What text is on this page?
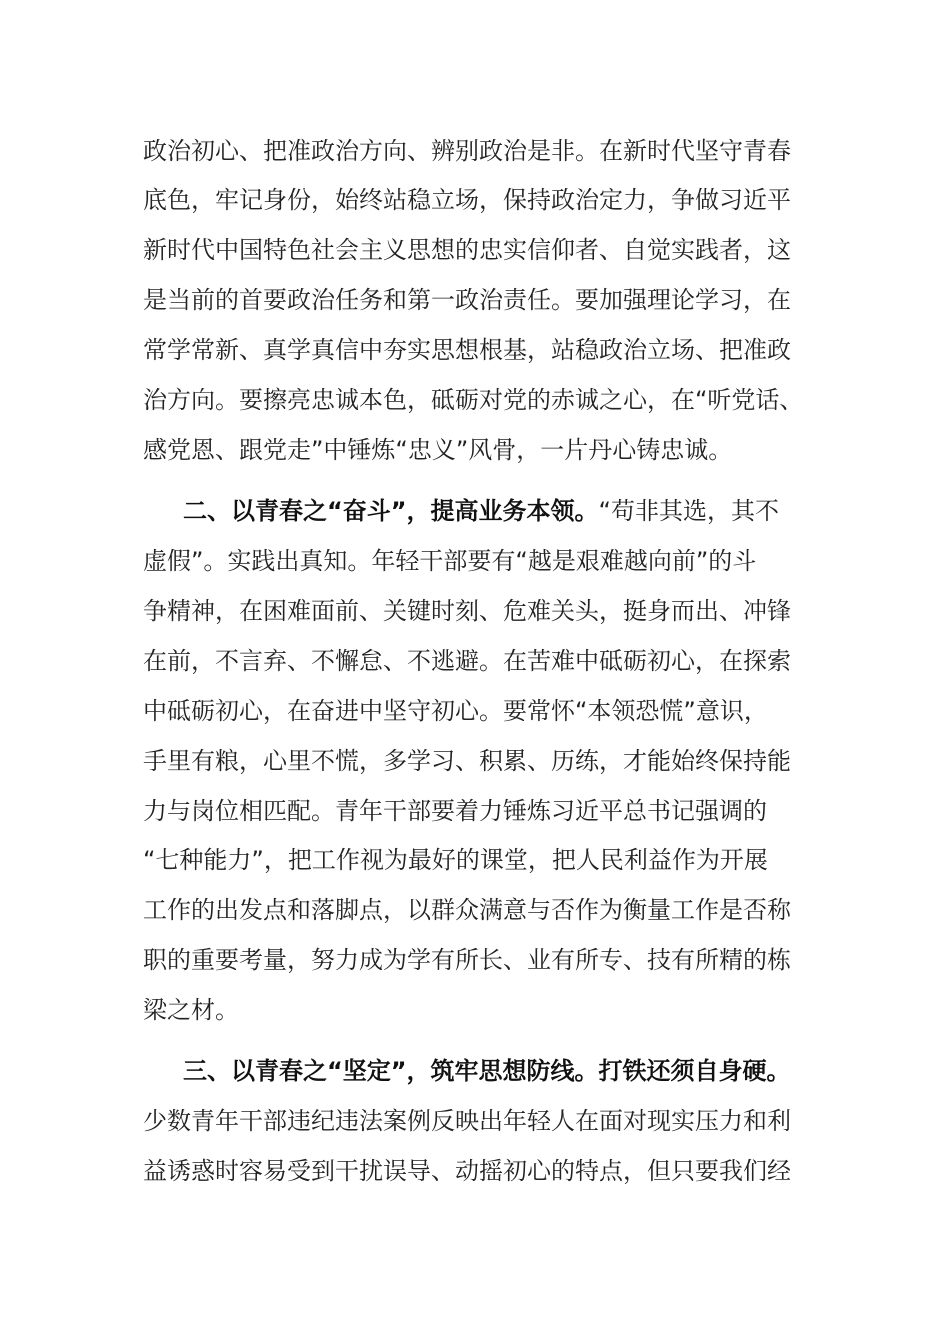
政治初心、把准政治方向、辨别政治是非。在新时代坚守青春
底色，牢记身份，始终站稳立场，保持政治定力，争做习近平
新时代中国特色社会主义思想的忠实信仰者、自觉实践者，这
是当前的首要政治任务和第一政治责任。要加强理论学习，在
常学常新、真学真信中夯实思想根基，站稳政治立场、把准政
治方向。要擦亮忠诚本色，砥砺对党的赤诚之心，在“听党话、
感党恩、跟党走”中锤炼“忠义”风骨，一片丹心铸忠诚。
二、以青春之“奋斗”，提高业务本领。“苟非其选，其不
虚假”。实践出真知。年轻干部要有“越是艰难越向前”的斗
争精神，在困难面前、关键时刻、危难关头，挺身而出、冲锋
在前，不言弃、不懈怠、不逃避。在苦难中砥砺初心，在探索
中砥砺初心，在奋进中坚守初心。要常怀“本领恐慌”意识，
手里有粮，心里不慌，多学习、积累、历练，才能始终保持能
力与岗位相匹配。青年干部要着力锤炼习近平总书记强调的
“七种能力”，把工作视为最好的课堂，把人民利益作为开展
工作的出发点和落脚点，以群众满意与否作为衡量工作是否称
职的重要考量，努力成为学有所长、业有所专、技有所精的栋
梁之材。
三、以青春之“坚定”，筑牢思想防线。打铁还须自身硬。
少数青年干部违纪违法案例反映出年轻人在面对现实压力和利
益诱惑时容易受到干扰误导、动摇初心的特点，但只要我们经
